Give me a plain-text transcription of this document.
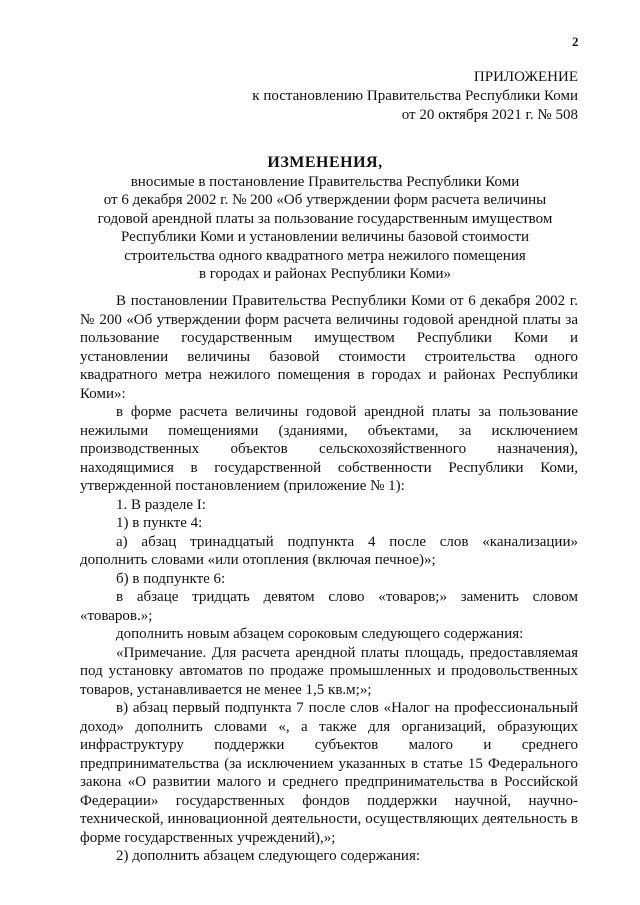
2
ПРИЛОЖЕНИЕ
к постановлению Правительства Республики Коми
от 20 октября 2021 г. № 508
ИЗМЕНЕНИЯ,
вносимые в постановление Правительства Республики Коми
от 6 декабря 2002 г. № 200 «Об утверждении форм расчета величины
годовой арендной платы за пользование государственным имуществом
Республики Коми и установлении величины базовой стоимости
строительства одного квадратного метра нежилого помещения
в городах и районах Республики Коми»

В постановлении Правительства Республики Коми от 6 декабря 2002 г. № 200 «Об утверждении форм расчета величины годовой арендной платы за пользование государственным имуществом Республики Коми и установлении величины базовой стоимости строительства одного квадратного метра нежилого помещения в городах и районах Республики Коми»:

в форме расчета величины годовой арендной платы за пользование нежилыми помещениями (зданиями, объектами, за исключением производственных объектов сельскохозяйственного назначения), находящимися в государственной собственности Республики Коми, утвержденной постановлением (приложение № 1):

1. В разделе I:

1) в пункте 4:

а) абзац тринадцатый подпункта 4 после слов «канализации» дополнить словами «или отопления (включая печное)»;

б) в подпункте 6:

в абзаце тридцать девятом слово «товаров;» заменить словом «товаров.»;

дополнить новым абзацем сороковым следующего содержания:

«Примечание. Для расчета арендной платы площадь, предоставляемая под установку автоматов по продаже промышленных и продовольственных товаров, устанавливается не менее 1,5 кв.м;»;

в) абзац первый подпункта 7 после слов «Налог на профессиональный доход» дополнить словами «, а также для организаций, образующих инфраструктуру поддержки субъектов малого и среднего предпринимательства (за исключением указанных в статье 15 Федерального закона «О развитии малого и среднего предпринимательства в Российской Федерации» государственных фондов поддержки научной, научно-технической, инновационной деятельности, осуществляющих деятельность в форме государственных учреждений),»;

2) дополнить абзацем следующего содержания:
